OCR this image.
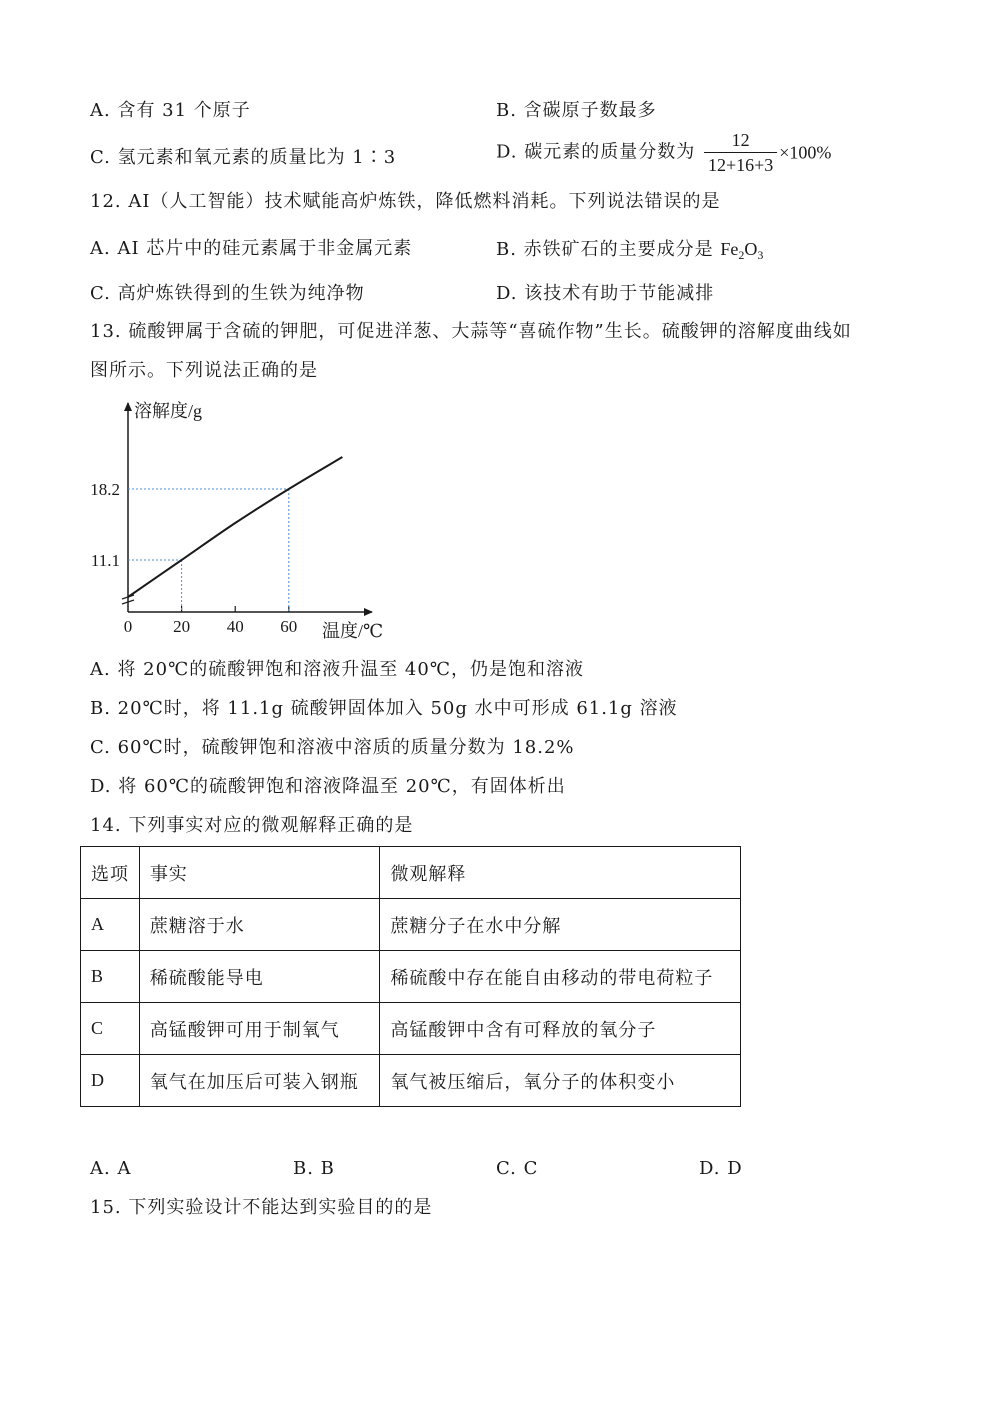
A. 含有 31 个原子	B. 含碳原子数最多
C. 氢元素和氧元素的质量比为 1∶3	D. 碳元素的质量分数为 $\frac{12}{12+16+3} \times 100\%$
12. AI（人工智能）技术赋能高炉炼铁，降低燃料消耗。下列说法错误的是
A. AI 芯片中的硅元素属于非金属元素	B. 赤铁矿石的主要成分是 $Fe_2O_3$
C. 高炉炼铁得到的生铁为纯净物	D. 该技术有助于节能减排
13. 硫酸钾属于含硫的钾肥，可促进洋葱、大蒜等“喜硫作物”生长。硫酸钾的溶解度曲线如
图所示。下列说法正确的是
溶解度/g
温度/℃
0 20 40 60
11.1
18.2
A. 将 20℃的硫酸钾饱和溶液升温至 40℃，仍是饱和溶液
B. 20℃时，将 11.1g 硫酸钾固体加入 50g 水中可形成 61.1g 溶液
C. 60℃时，硫酸钾饱和溶液中溶质的质量分数为 18.2%
D. 将 60℃的硫酸钾饱和溶液降温至 20℃，有固体析出
14. 下列事实对应的微观解释正确的是
选项	事实	微观解释
A	蔗糖溶于水	蔗糖分子在水中分解
B	稀硫酸能导电	稀硫酸中存在能自由移动的带电荷粒子
C	高锰酸钾可用于制氧气	高锰酸钾中含有可释放的氧分子
D	氧气在加压后可装入钢瓶	氧气被压缩后，氧分子的体积变小
A. A	B. B	C. C	D. D
15. 下列实验设计不能达到实验目的的是
